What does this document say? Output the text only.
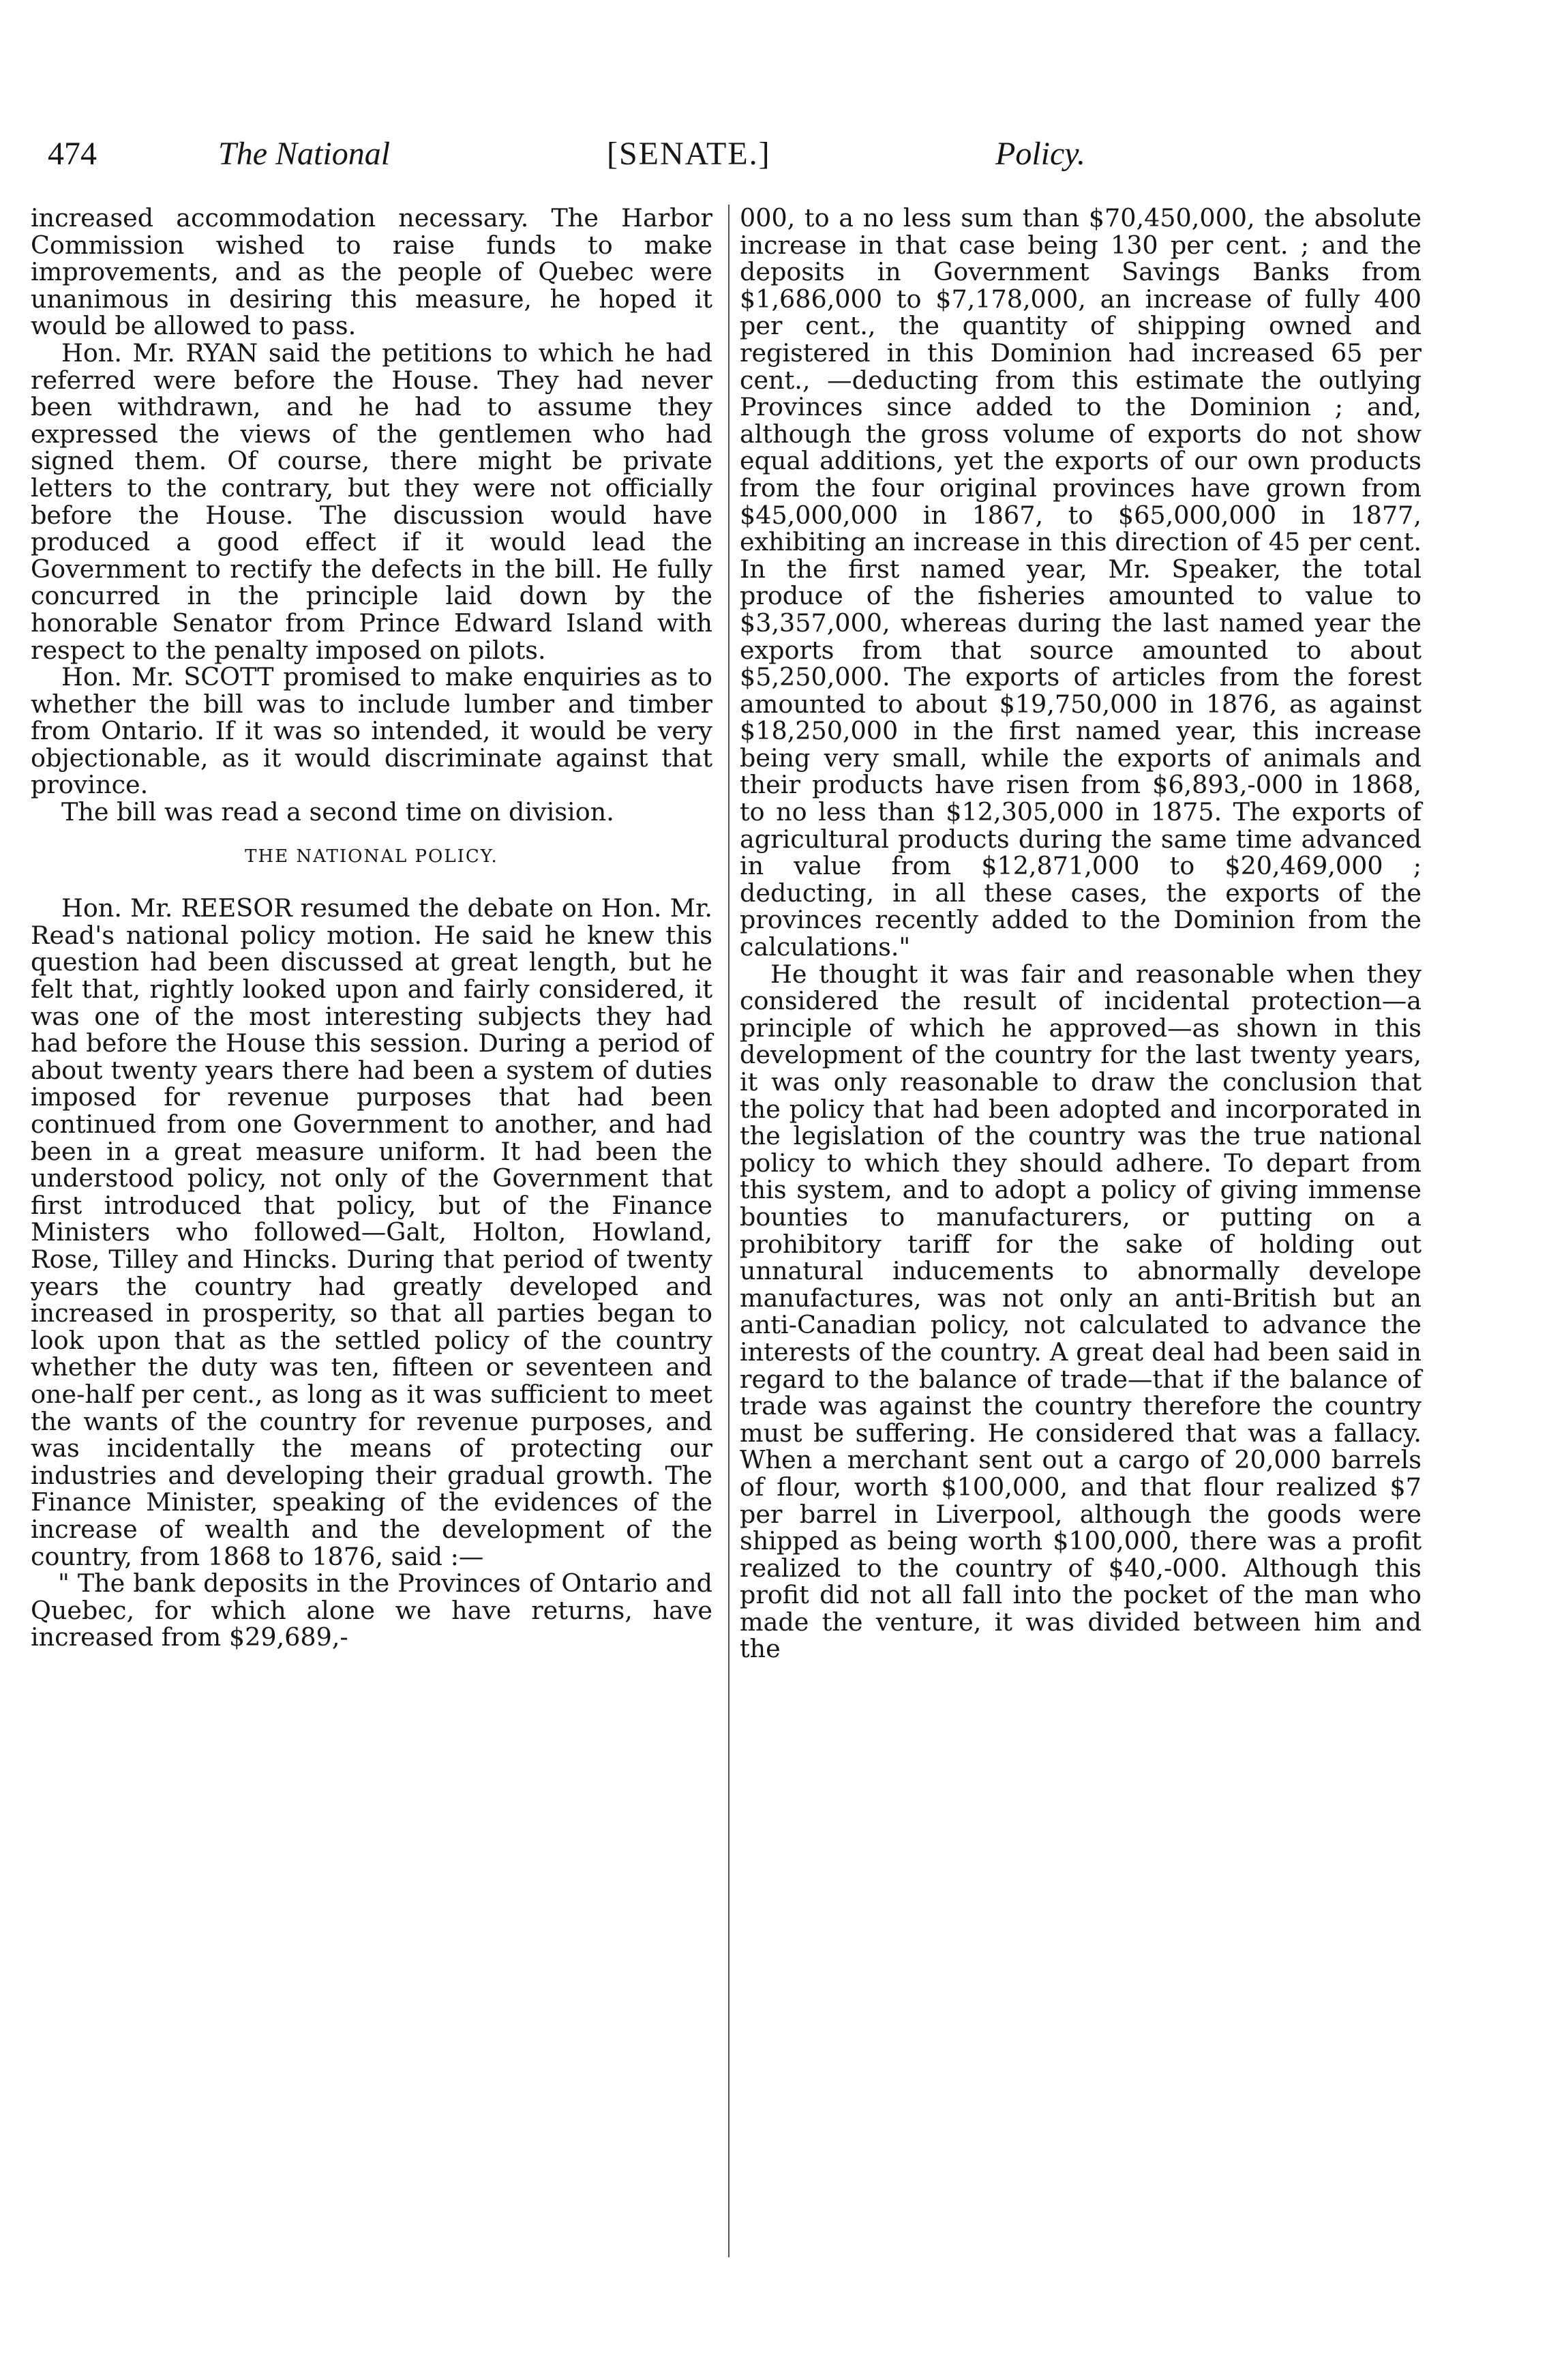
474	The National	[SENATE.]	Policy.

increased accommodation necessary. The Harbor Commission wished to raise funds to make improvements, and as the people of Quebec were unanimous in desiring this measure, he hoped it would be allowed to pass.

Hon. Mr. RYAN said the petitions to which he had referred were before the House. They had never been withdrawn, and he had to assume they expressed the views of the gentlemen who had signed them. Of course, there might be private letters to the contrary, but they were not officially before the House. The discussion would have produced a good effect if it would lead the Government to rectify the defects in the bill. He fully concurred in the principle laid down by the honorable Senator from Prince Edward Island with respect to the penalty imposed on pilots.

Hon. Mr. SCOTT promised to make enquiries as to whether the bill was to include lumber and timber from Ontario. If it was so intended, it would be very objectionable, as it would discriminate against that province.

The bill was read a second time on division.

THE NATIONAL POLICY.

Hon. Mr. REESOR resumed the debate on Hon. Mr. Read's national policy motion. He said he knew this question had been discussed at great length, but he felt that, rightly looked upon and fairly considered, it was one of the most interesting subjects they had had before the House this session. During a period of about twenty years there had been a system of duties imposed for revenue purposes that had been continued from one Government to another, and had been in a great measure uniform. It had been the understood policy, not only of the Government that first introduced that policy, but of the Finance Ministers who followed—Galt, Holton, Howland, Rose, Tilley and Hincks. During that period of twenty years the country had greatly developed and increased in prosperity, so that all parties began to look upon that as the settled policy of the country whether the duty was ten, fifteen or seventeen and one-half per cent., as long as it was sufficient to meet the wants of the country for revenue purposes, and was incidentally the means of protecting our industries and developing their gradual growth. The Finance Minister, speaking of the evidences of the increase of wealth and the development of the country, from 1868 to 1876, said :—

" The bank deposits in the Provinces of Ontario and Quebec, for which alone we have returns, have increased from $29,689,-

000, to a no less sum than $70,450,000, the absolute increase in that case being 130 per cent. ; and the deposits in Government Savings Banks from $1,686,000 to $7,178,000, an increase of fully 400 per cent., the quantity of shipping owned and registered in this Dominion had increased 65 per cent., —deducting from this estimate the outlying Provinces since added to the Dominion ; and, although the gross volume of exports do not show equal additions, yet the exports of our own products from the four original provinces have grown from $45,000,000 in 1867, to $65,000,000 in 1877, exhibiting an increase in this direction of 45 per cent. In the first named year, Mr. Speaker, the total produce of the fisheries amounted to value to $3,357,000, whereas during the last named year the exports from that source amounted to about $5,250,000. The exports of articles from the forest amounted to about $19,750,000 in 1876, as against $18,250,000 in the first named year, this increase being very small, while the exports of animals and their products have risen from $6,893,-000 in 1868, to no less than $12,305,000 in 1875. The exports of agricultural products during the same time advanced in value from $12,871,000 to $20,469,000 ; deducting, in all these cases, the exports of the provinces recently added to the Dominion from the calculations."

He thought it was fair and reasonable when they considered the result of incidental protection—a principle of which he approved—as shown in this development of the country for the last twenty years, it was only reasonable to draw the conclusion that the policy that had been adopted and incorporated in the legislation of the country was the true national policy to which they should adhere. To depart from this system, and to adopt a policy of giving immense bounties to manufacturers, or putting on a prohibitory tariff for the sake of holding out unnatural inducements to abnormally develope manufactures, was not only an anti-British but an anti-Canadian policy, not calculated to advance the interests of the country. A great deal had been said in regard to the balance of trade—that if the balance of trade was against the country therefore the country must be suffering. He considered that was a fallacy. When a merchant sent out a cargo of 20,000 barrels of flour, worth $100,000, and that flour realized $7 per barrel in Liverpool, although the goods were shipped as being worth $100,000, there was a profit realized to the country of $40,-000. Although this profit did not all fall into the pocket of the man who made the venture, it was divided between him and the
